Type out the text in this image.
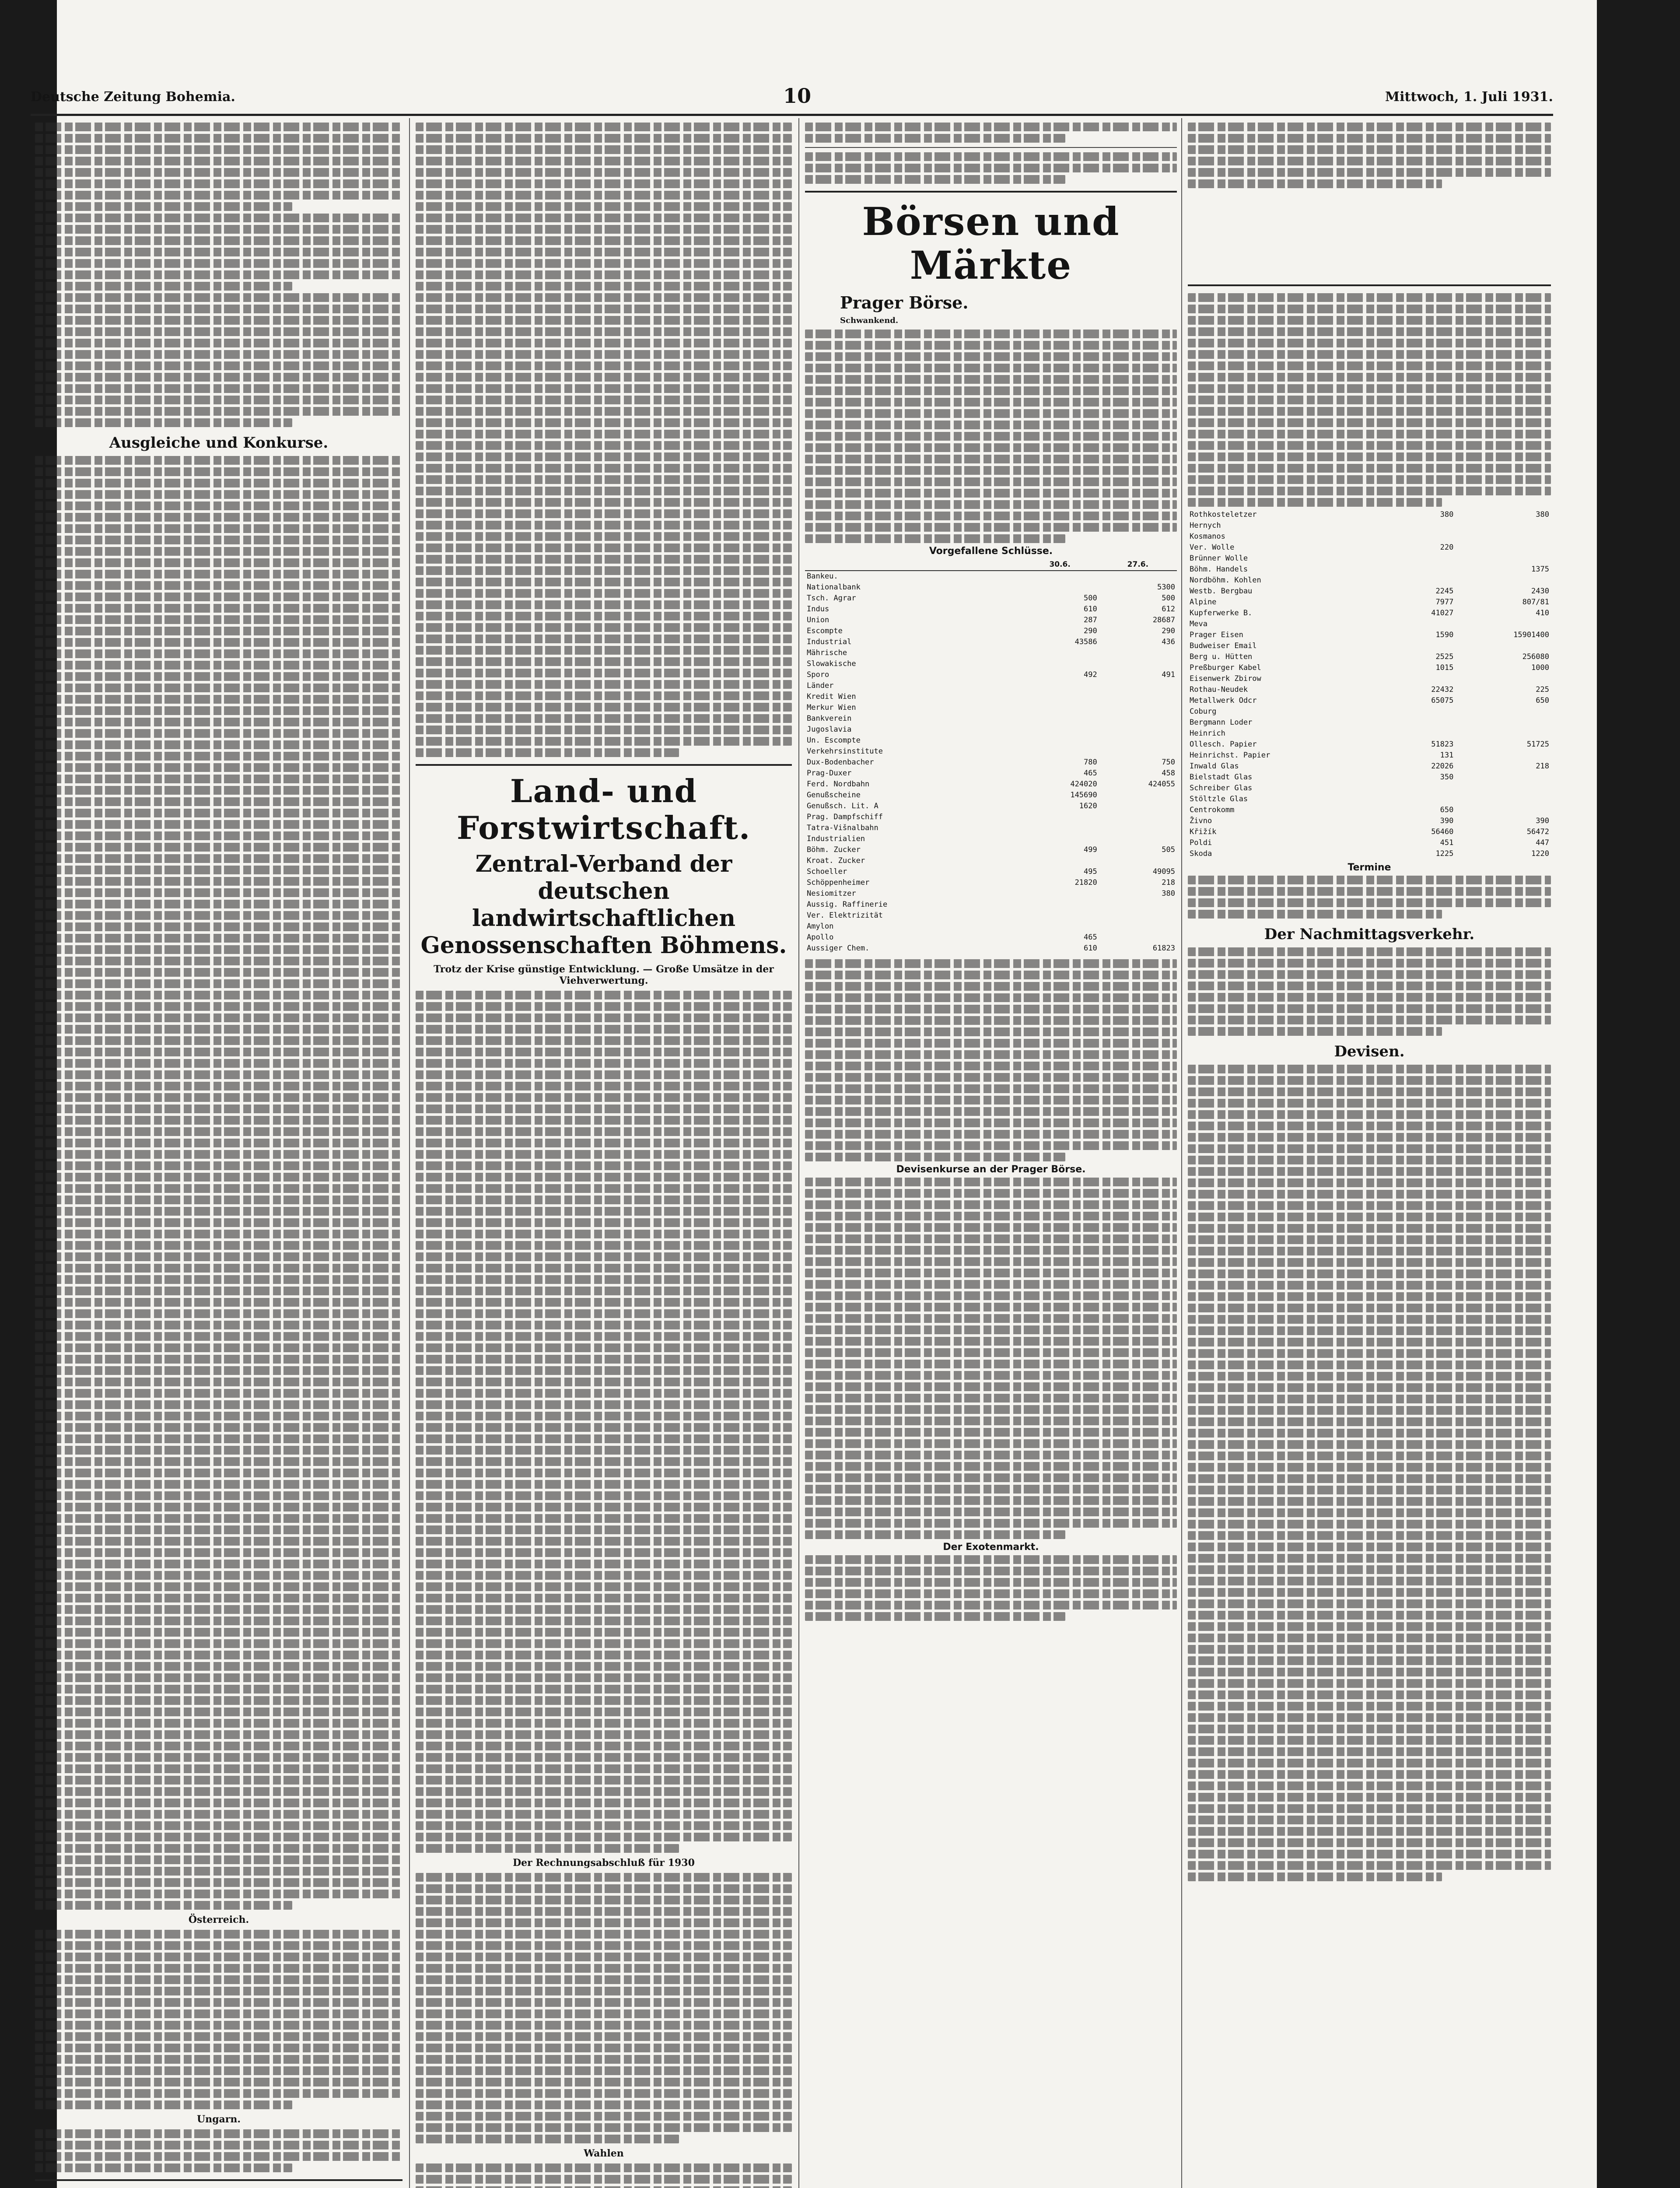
Deutsche Zeitung Bohemia.	10	Mittwoch, 1. Juli 1931.
Ausgleiche und Konkurse.
Österreich.
Ungarn.

Land- und Forstwirtschaft.
Zentral-Verband der deutschen landwirtschaftlichen Genossenschaften Böhmens.
Trotz der Krise günstige Entwicklung. — Große Umsätze in der Viehverwertung.
Der Rechnungsabschluß für 1930
Wahlen
Börsen und Märkte
Prager Börse.
Schwankend.
Vorgefallene Schlüsse.
	30.6.	27.6.
Bankeu.		
Nationalbank		5300
Tsch. Agrar	500	500
Indus	610	612
Union	287	28687
Escompte	290	290
Industrial	43586	436
Mährische		
Slowakische		
Sporo	492	491
Länder		
Kredit Wien		
Merkur Wien		
Bankverein		
Jugoslavia		
Un. Escompte		
Verkehrsinstitute		
Dux-Bodenbacher	780	750
Prag-Duxer	465	458
Ferd. Nordbahn	424020	424055
Genußscheine	145690	
Genußsch. Lit. A	1620	
Prag. Dampfschiff		
Tatra-Višnalbahn		
Industrialien		
Böhm. Zucker	499	505
Kroat. Zucker		
Schoeller	495	49095
Schöppenheimer	21820	218
Nesiomitzer		380
Aussig. Raffinerie		
Ver. Elektrizität		
Amylon		
Apollo	465	
Aussiger Chem.	610	61823
Devisenkurse an der Prager Börse.
Der Exotenmarkt.
Rothkosteletzer	380	380
Hernych		
Kosmanos		
Ver. Wolle	220	
Brünner Wolle		
Böhm. Handels		1375
Nordböhm. Kohlen		
Westb. Bergbau	2245	2430
Alpine	7977	807/81
Kupferwerke B.	41027	410
Meva		
Prager Eisen	1590	15901400
Budweiser Email		
Berg u. Hütten	2525	256080
Preßburger Kabel	1015	1000
Eisenwerk Zbirow		
Rothau-Neudek	22432	225
Metallwerk Odcr	65075	650
Coburg		
Bergmann Loder		
Heinrich		
Ollesch. Papier	51823	51725
Heinrichst. Papier	131	
Inwald Glas	22026	218
Bielstadt Glas	350	
Schreiber Glas		
Stöltzle Glas		
Centrokomm	650	
Živno	390	390
Křižík	56460	56472
Poldi	451	447
Skoda	1225	1220
Termine
Der Nachmittagsverkehr.
Devisen.
